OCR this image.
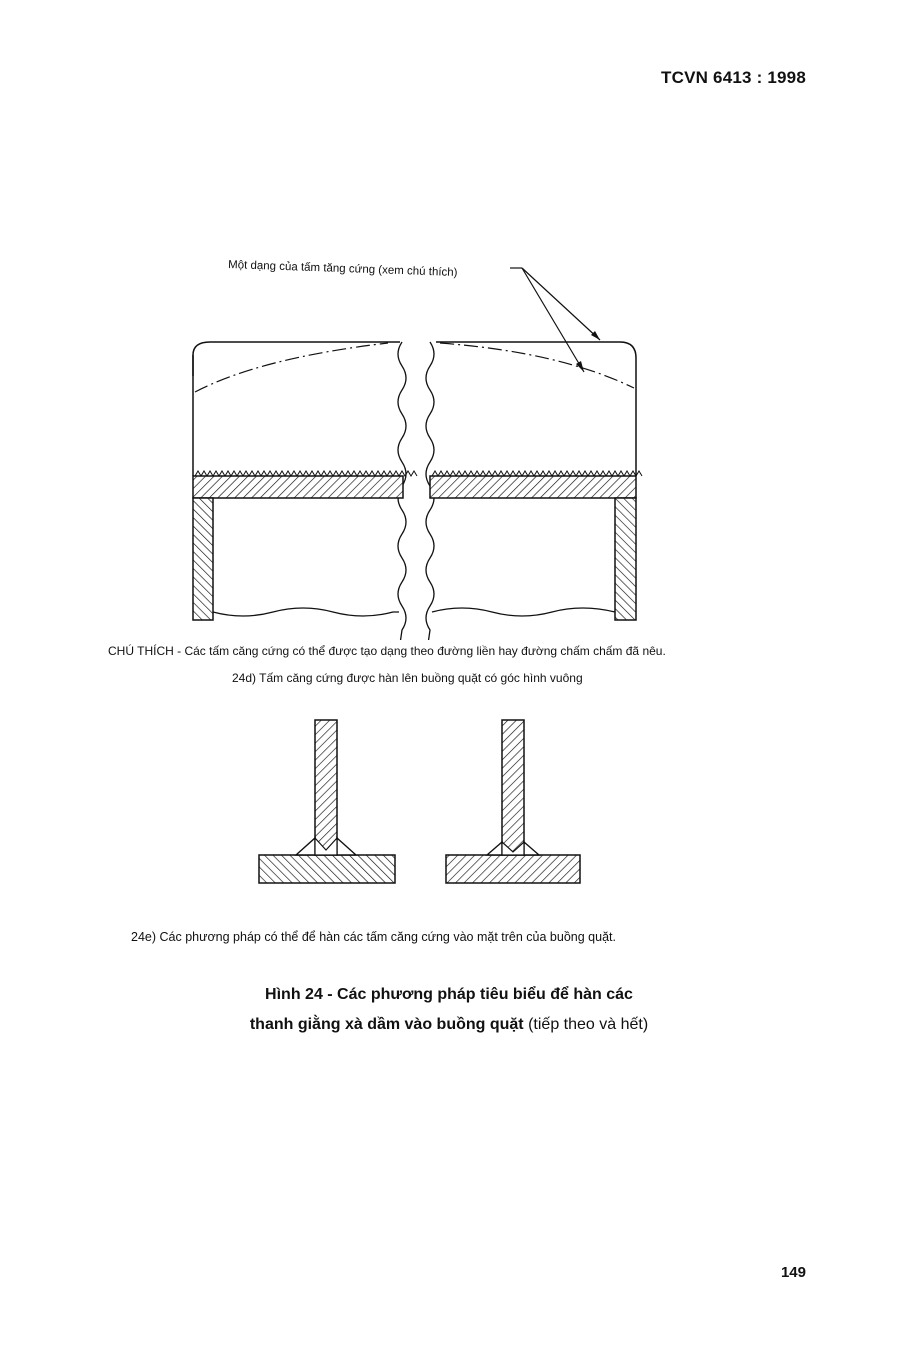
TCVN 6413 : 1998
Một dạng của tấm tăng cứng (xem chú thích)
CHÚ THÍCH - Các tấm căng cứng có thể được tạo dạng theo đường liền hay đường chấm chấm đã nêu.
24d) Tấm căng cứng được hàn lên buồng quặt có góc hình vuông
24e) Các phương pháp có thể để hàn các tấm căng cứng vào mặt trên của buồng quặt.
Hình 24 - Các phương pháp tiêu biểu để hàn các
thanh giằng xà dầm vào buồng quặt (tiếp theo và hết)
149
